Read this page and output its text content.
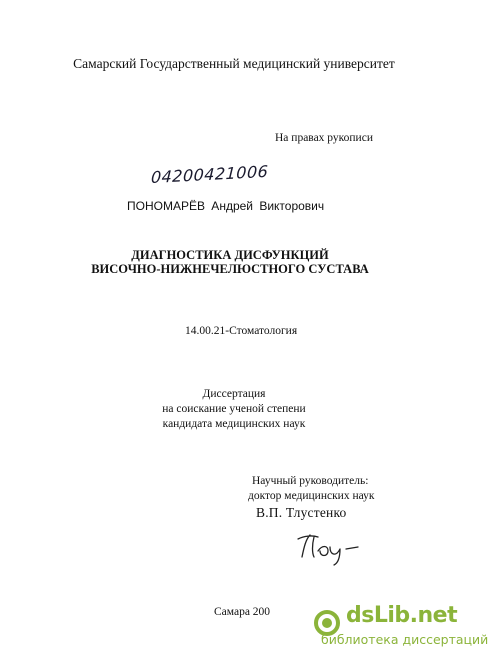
Самарский Государственный медицинский университет
На правах рукописи
04200421006
ПОНОМАРЁВ Андрей Викторович
ДИАГНОСТИКА ДИСФУНКЦИЙ
ВИСОЧНО-НИЖНЕЧЕЛЮСТНОГО СУСТАВА
14.00.21-Стоматология
Диссертация
на соискание ученой степени
кандидата медицинских наук
Научный руководитель:
доктор медицинских наук
В.П. Тлустенко
Самара 200	dsLib.net
библиотека диссертаций
